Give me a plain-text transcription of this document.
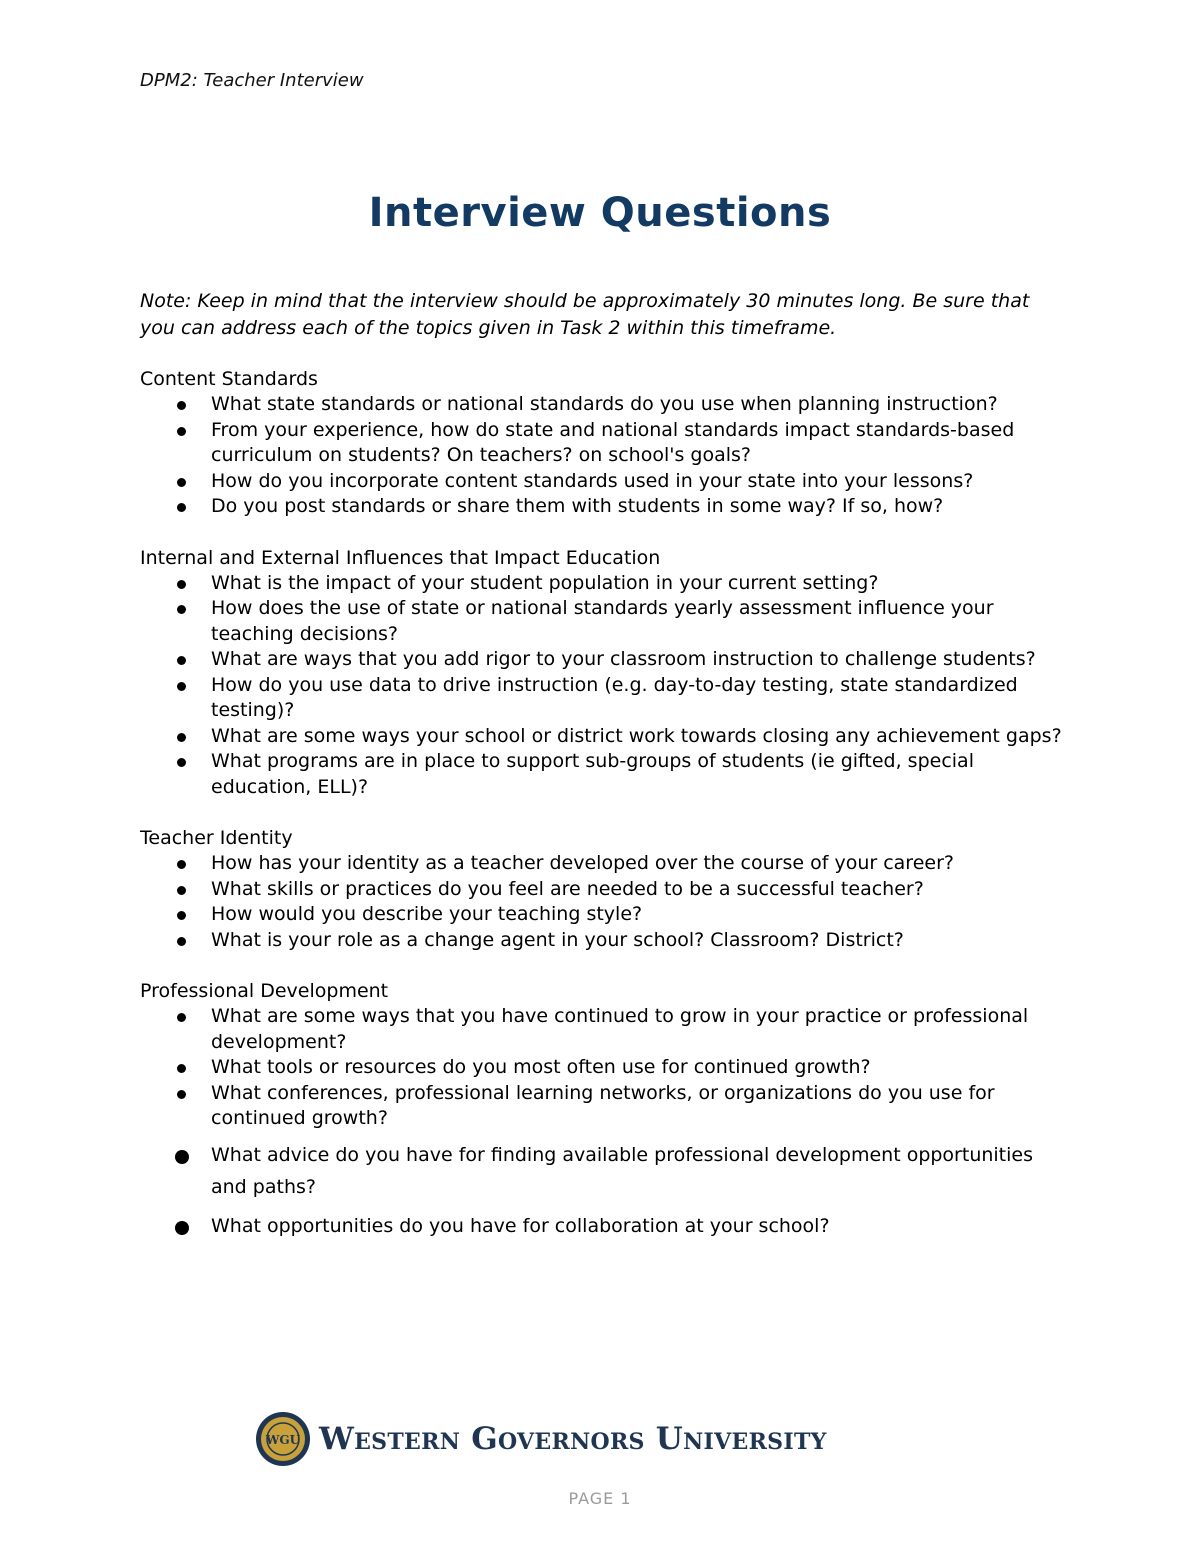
DPM2: Teacher Interview
Interview Questions
Note: Keep in mind that the interview should be approximately 30 minutes long. Be sure that you can address each of the topics given in Task 2 within this timeframe.
Content Standards
What state standards or national standards do you use when planning instruction?
From your experience, how do state and national standards impact standards-based curriculum on students? On teachers? on school's goals?
How do you incorporate content standards used in your state into your lessons?
Do you post standards or share them with students in some way? If so, how?
Internal and External Influences that Impact Education
What is the impact of your student population in your current setting?
How does the use of state or national standards yearly assessment influence your teaching decisions?
What are ways that you add rigor to your classroom instruction to challenge students?
How do you use data to drive instruction (e.g. day-to-day testing, state standardized testing)?
What are some ways your school or district work towards closing any achievement gaps?
What programs are in place to support sub-groups of students (ie gifted, special education, ELL)?
Teacher Identity
How has your identity as a teacher developed over the course of your career?
What skills or practices do you feel are needed to be a successful teacher?
How would you describe your teaching style?
What is your role as a change agent in your school? Classroom? District?
Professional Development
What are some ways that you have continued to grow in your practice or professional development?
What tools or resources do you most often use for continued growth?
What conferences, professional learning networks, or organizations do you use for continued growth?
What advice do you have for finding available professional development opportunities and paths?
What opportunities do you have for collaboration at your school?
WGU Western Governors University
PAGE 1
